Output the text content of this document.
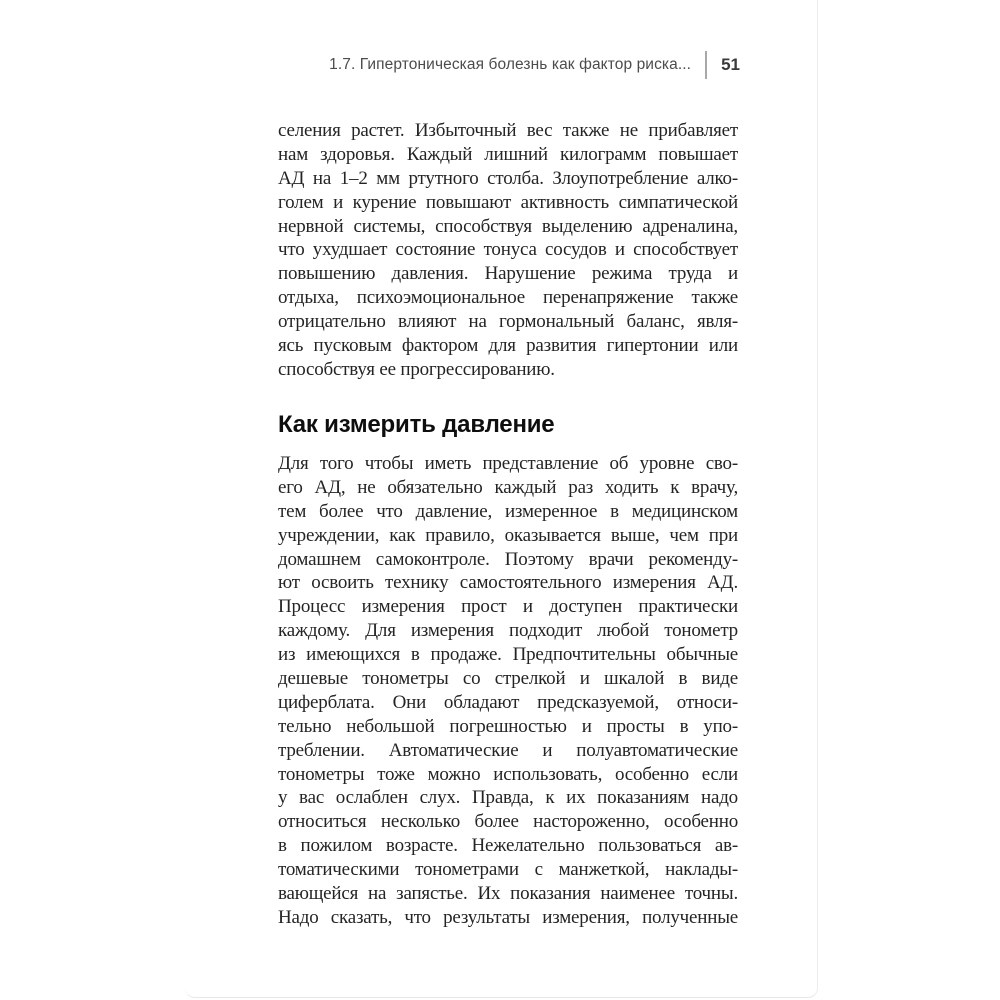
1.7. Гипертоническая болезнь как фактор риска... 51
селения растет. Избыточный вес также не прибавляет
нам здоровья. Каждый лишний килограмм повышает
АД на 1–2 мм ртутного столба. Злоупотребление алко-
голем и курение повышают активность симпатической
нервной системы, способствуя выделению адреналина,
что ухудшает состояние тонуса сосудов и способствует
повышению давления. Нарушение режима труда и
отдыха, психоэмоциональное перенапряжение также
отрицательно влияют на гормональный баланс, явля-
ясь пусковым фактором для развития гипертонии или
способствуя ее прогрессированию.
Как измерить давление
Для того чтобы иметь представление об уровне сво-
его АД, не обязательно каждый раз ходить к врачу,
тем более что давление, измеренное в медицинском
учреждении, как правило, оказывается выше, чем при
домашнем самоконтроле. Поэтому врачи рекоменду-
ют освоить технику самостоятельного измерения АД.
Процесс измерения прост и доступен практически
каждому. Для измерения подходит любой тонометр
из имеющихся в продаже. Предпочтительны обычные
дешевые тонометры со стрелкой и шкалой в виде
циферблата. Они обладают предсказуемой, относи-
тельно небольшой погрешностью и просты в упо-
треблении. Автоматические и полуавтоматические
тонометры тоже можно использовать, особенно если
у вас ослаблен слух. Правда, к их показаниям надо
относиться несколько более настороженно, особенно
в пожилом возрасте. Нежелательно пользоваться ав-
томатическими тонометрами с манжеткой, наклады-
вающейся на запястье. Их показания наименее точны.
Надо сказать, что результаты измерения, полученные
